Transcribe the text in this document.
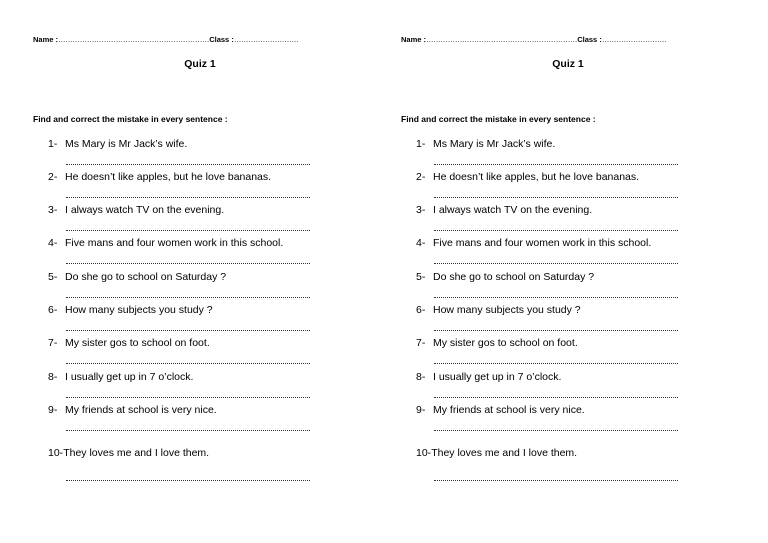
Name :………………………………………………………Class :………………………
Quiz 1
Find and correct the mistake in every sentence :
1- Ms Mary is Mr Jack’s wife.
2- He doesn’t like apples, but he love bananas.
3- I always watch TV on the evening.
4- Five mans and four women work in this school.
5- Do she go to school on Saturday ?
6- How many subjects you study ?
7- My sister gos to school on foot.
8- I usually get up in 7 o’clock.
9- My friends at school is very nice.
10-They loves me and I love them.
Name :………………………………………………………Class :………………………
Quiz 1
Find and correct the mistake in every sentence :
1- Ms Mary is Mr Jack’s wife.
2- He doesn’t like apples, but he love bananas.
3- I always watch TV on the evening.
4- Five mans and four women work in this school.
5- Do she go to school on Saturday ?
6- How many subjects you study ?
7- My sister gos to school on foot.
8- I usually get up in 7 o’clock.
9- My friends at school is very nice.
10-They loves me and I love them.
